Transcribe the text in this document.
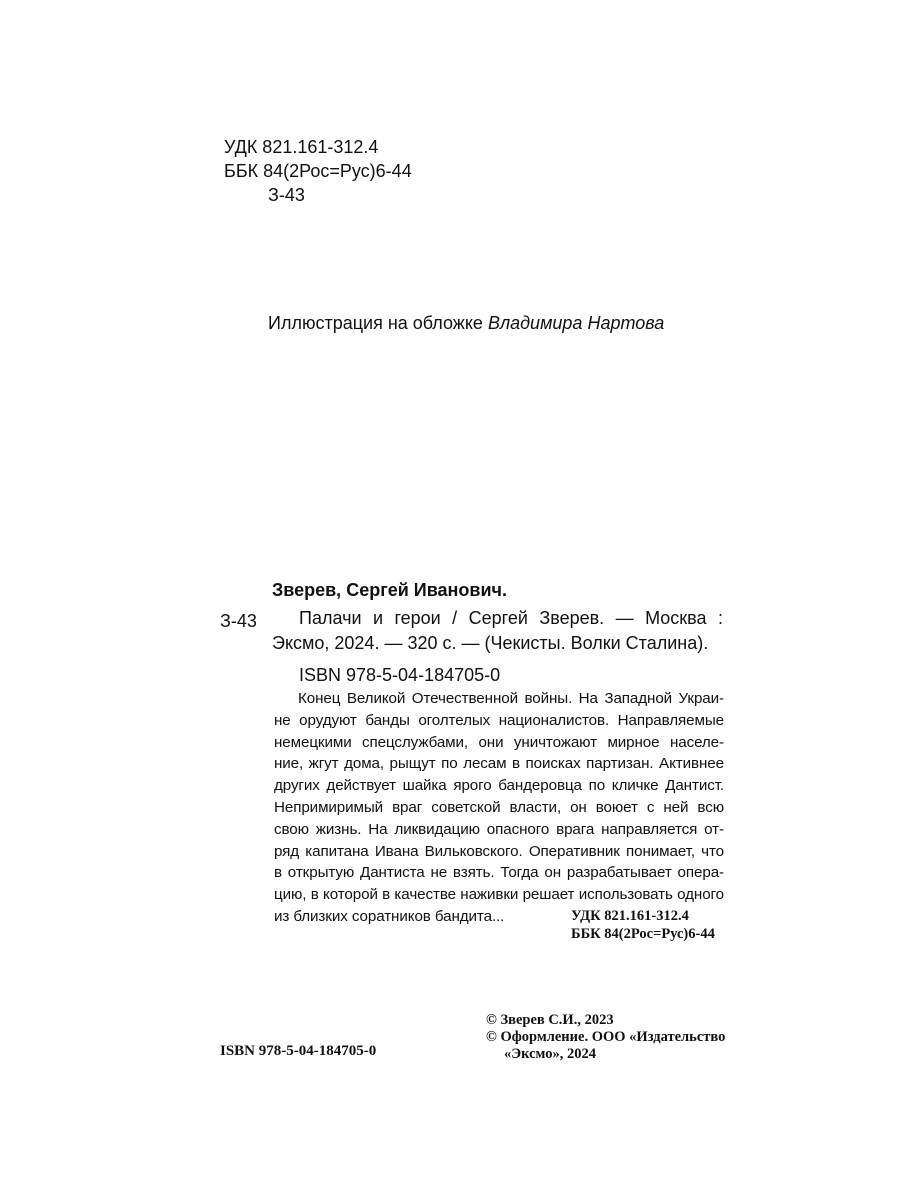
УДК 821.161-312.4
ББК 84(2Рос=Рус)6-44
З-43
Иллюстрация на обложке Владимира Нартова
Зверев, Сергей Иванович.
З-43 Палачи и герои / Сергей Зверев. — Москва :
Эксмо, 2024. — 320 с. — (Чекисты. Волки Сталина).
ISBN 978-5-04-184705-0
Конец Великой Отечественной войны. На Западной Украи-
не орудуют банды оголтелых националистов. Направляемые
немецкими спецслужбами, они уничтожают мирное населе-
ние, жгут дома, рыщут по лесам в поисках партизан. Активнее
других действует шайка ярого бандеровца по кличке Дантист.
Непримиримый враг советской власти, он воюет с ней всю
свою жизнь. На ликвидацию опасного врага направляется от-
ряд капитана Ивана Вильковского. Оперативник понимает, что
в открытую Дантиста не взять. Тогда он разрабатывает опера-
цию, в которой в качестве наживки решает использовать одного
из близких соратников бандита...	УДК 821.161-312.4
ББК 84(2Рос=Рус)6-44
© Зверев С.И., 2023
© Оформление. ООО «Издательство
«Эксмо», 2024
ISBN 978-5-04-184705-0
